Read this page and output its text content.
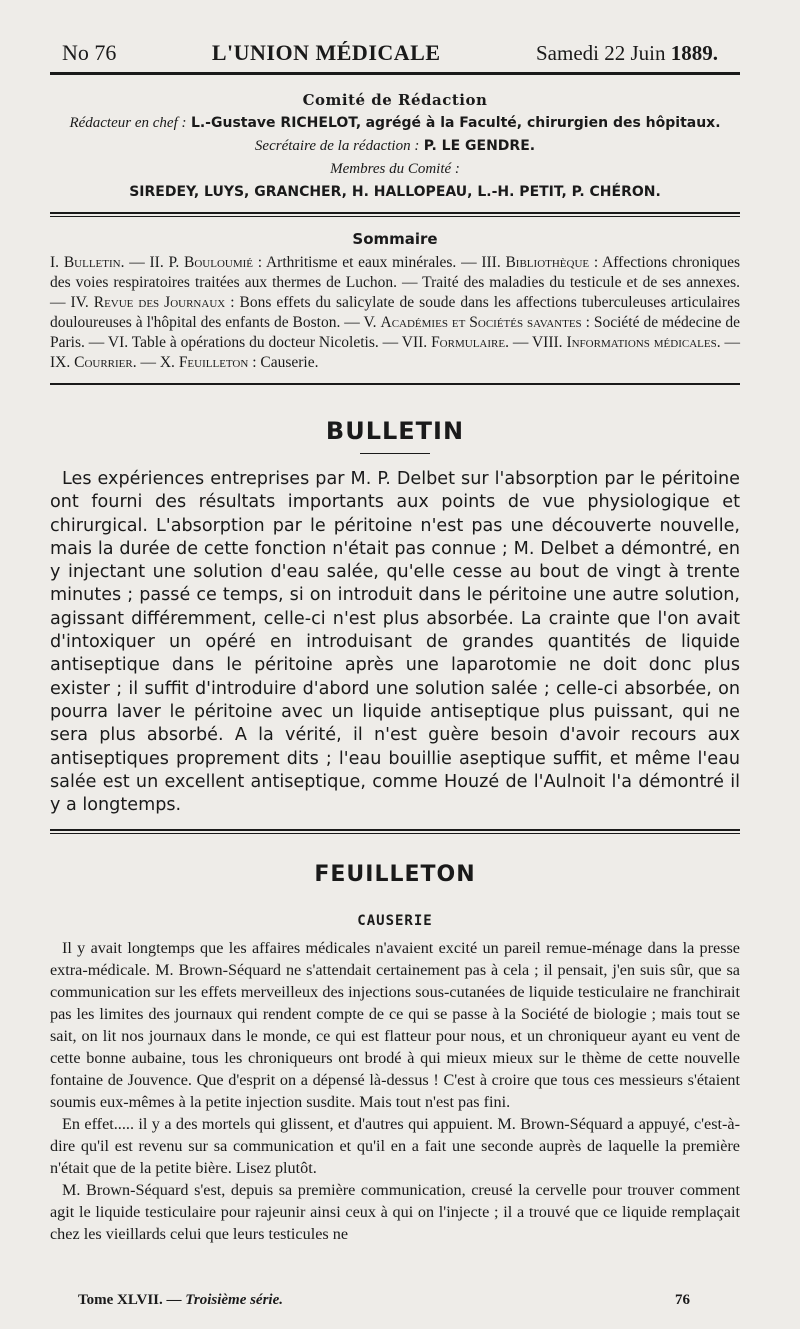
No 76	L'UNION MÉDICALE	Samedi 22 Juin 1889.
Comité de Rédaction
Rédacteur en chef : L.-Gustave RICHELOT, agrégé à la Faculté, chirurgien des hôpitaux.
Secrétaire de la rédaction : P. LE GENDRE.
Membres du Comité :
SIREDEY, LUYS, GRANCHER, H. HALLOPEAU, L.-H. PETIT, P. CHÉRON.
Sommaire
I. Bulletin. — II. P. Bouloumié : Arthritisme et eaux minérales. — III. Bibliothèque : Affections chroniques des voies respiratoires traitées aux thermes de Luchon. — Traité des maladies du testicule et de ses annexes. — IV. Revue des Journaux : Bons effets du salicylate de soude dans les affections tuberculeuses articulaires douloureuses à l'hôpital des enfants de Boston. — V. Académies et Sociétés savantes : Société de médecine de Paris. — VI. Table à opérations du docteur Nicoletis. — VII. Formulaire. — VIII. Informations médicales. — IX. Courrier. — X. Feuilleton : Causerie.
BULLETIN
Les expériences entreprises par M. P. Delbet sur l'absorption par le péritoine ont fourni des résultats importants aux points de vue physiologique et chirurgical. L'absorption par le péritoine n'est pas une découverte nouvelle, mais la durée de cette fonction n'était pas connue ; M. Delbet a démontré, en y injectant une solution d'eau salée, qu'elle cesse au bout de vingt à trente minutes ; passé ce temps, si on introduit dans le péritoine une autre solution, agissant différemment, celle-ci n'est plus absorbée. La crainte que l'on avait d'intoxiquer un opéré en introduisant de grandes quantités de liquide antiseptique dans le péritoine après une laparotomie ne doit donc plus exister ; il suffit d'introduire d'abord une solution salée ; celle-ci absorbée, on pourra laver le péritoine avec un liquide antiseptique plus puissant, qui ne sera plus absorbé. A la vérité, il n'est guère besoin d'avoir recours aux antiseptiques proprement dits ; l'eau bouillie aseptique suffit, et même l'eau salée est un excellent antiseptique, comme Houzé de l'Aulnoit l'a démontré il y a longtemps.
FEUILLETON
CAUSERIE

Il y avait longtemps que les affaires médicales n'avaient excité un pareil remue-ménage dans la presse extra-médicale. M. Brown-Séquard ne s'attendait certainement pas à cela ; il pensait, j'en suis sûr, que sa communication sur les effets merveilleux des injections sous-cutanées de liquide testiculaire ne franchirait pas les limites des journaux qui rendent compte de ce qui se passe à la Société de biologie ; mais tout se sait, on lit nos journaux dans le monde, ce qui est flatteur pour nous, et un chroniqueur ayant eu vent de cette bonne aubaine, tous les chroniqueurs ont brodé à qui mieux mieux sur le thème de cette nouvelle fontaine de Jouvence. Que d'esprit on a dépensé là-dessus ! C'est à croire que tous ces messieurs s'étaient soumis eux-mêmes à la petite injection susdite. Mais tout n'est pas fini.

En effet..... il y a des mortels qui glissent, et d'autres qui appuient. M. Brown-Séquard a appuyé, c'est-à-dire qu'il est revenu sur sa communication et qu'il en a fait une seconde auprès de laquelle la première n'était que de la petite bière. Lisez plutôt.

M. Brown-Séquard s'est, depuis sa première communication, creusé la cervelle pour trouver comment agit le liquide testiculaire pour rajeunir ainsi ceux à qui on l'injecte ; il a trouvé que ce liquide remplaçait chez les vieillards celui que leurs testicules ne

Tome XLVII. — Troisième série.	76
